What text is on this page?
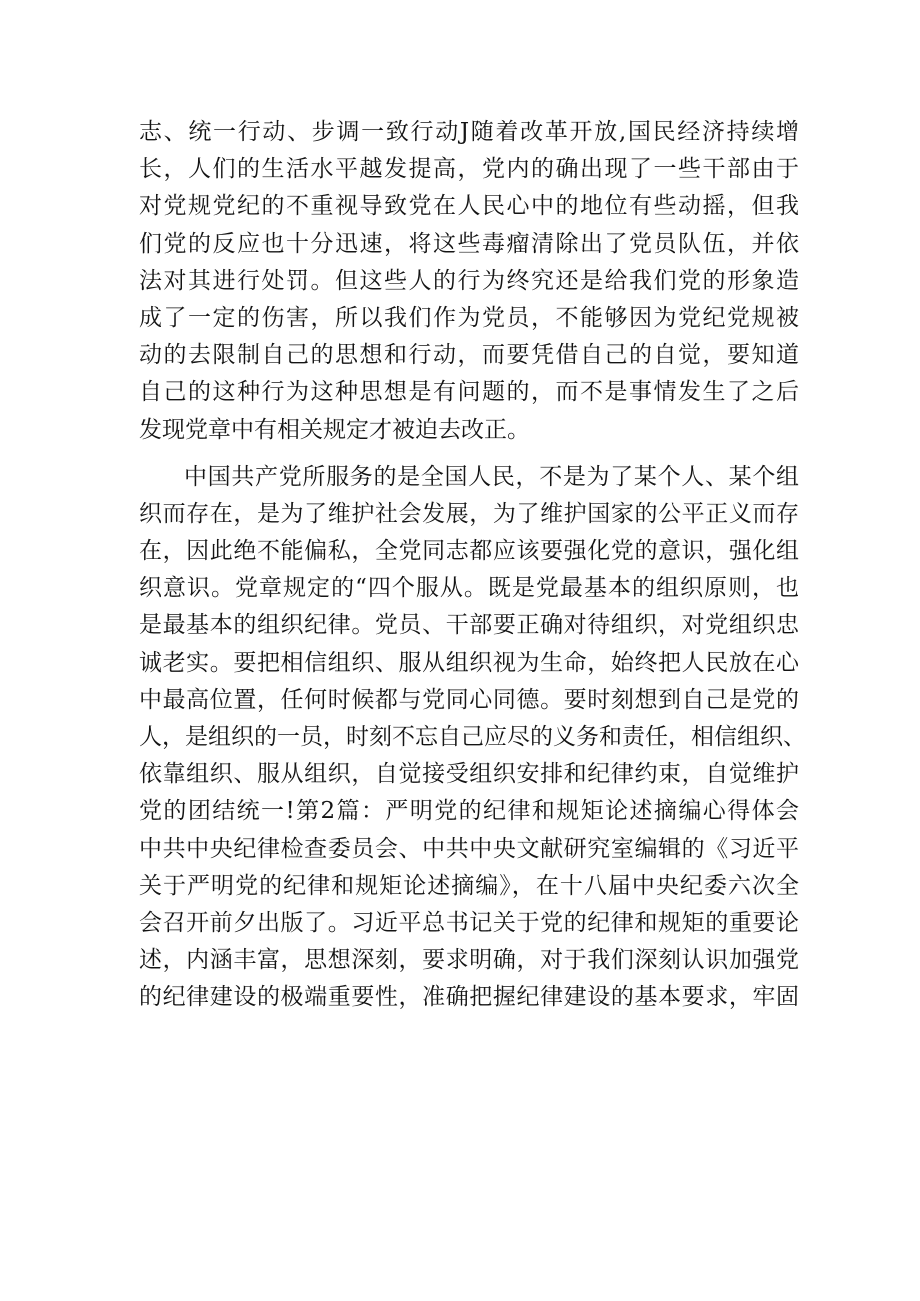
志、统一行动、步调一致行动J随着改革开放,国民经济持续增
长，人们的生活水平越发提高，党内的确出现了一些干部由于
对党规党纪的不重视导致党在人民心中的地位有些动摇，但我
们党的反应也十分迅速，将这些毒瘤清除出了党员队伍，并依
法对其进行处罚。但这些人的行为终究还是给我们党的形象造
成了一定的伤害，所以我们作为党员，不能够因为党纪党规被
动的去限制自己的思想和行动，而要凭借自己的自觉，要知道
自己的这种行为这种思想是有问题的，而不是事情发生了之后
发现党章中有相关规定才被迫去改正。
中国共产党所服务的是全国人民，不是为了某个人、某个组
织而存在，是为了维护社会发展，为了维护国家的公平正义而存
在，因此绝不能偏私，全党同志都应该要强化党的意识，强化组
织意识。党章规定的“四个服从。既是党最基本的组织原则，也
是最基本的组织纪律。党员、干部要正确对待组织，对党组织忠
诚老实。要把相信组织、服从组织视为生命，始终把人民放在心
中最高位置，任何时候都与党同心同德。要时刻想到自己是党的
人，是组织的一员，时刻不忘自己应尽的义务和责任，相信组织、
依靠组织、服从组织，自觉接受组织安排和纪律约束，自觉维护
党的团结统一!第2篇：严明党的纪律和规矩论述摘编心得体会
中共中央纪律检查委员会、中共中央文献研究室编辑的《习近平
关于严明党的纪律和规矩论述摘编》，在十八届中央纪委六次全
会召开前夕出版了。习近平总书记关于党的纪律和规矩的重要论
述，内涵丰富，思想深刻，要求明确，对于我们深刻认识加强党
的纪律建设的极端重要性，准确把握纪律建设的基本要求，牢固
